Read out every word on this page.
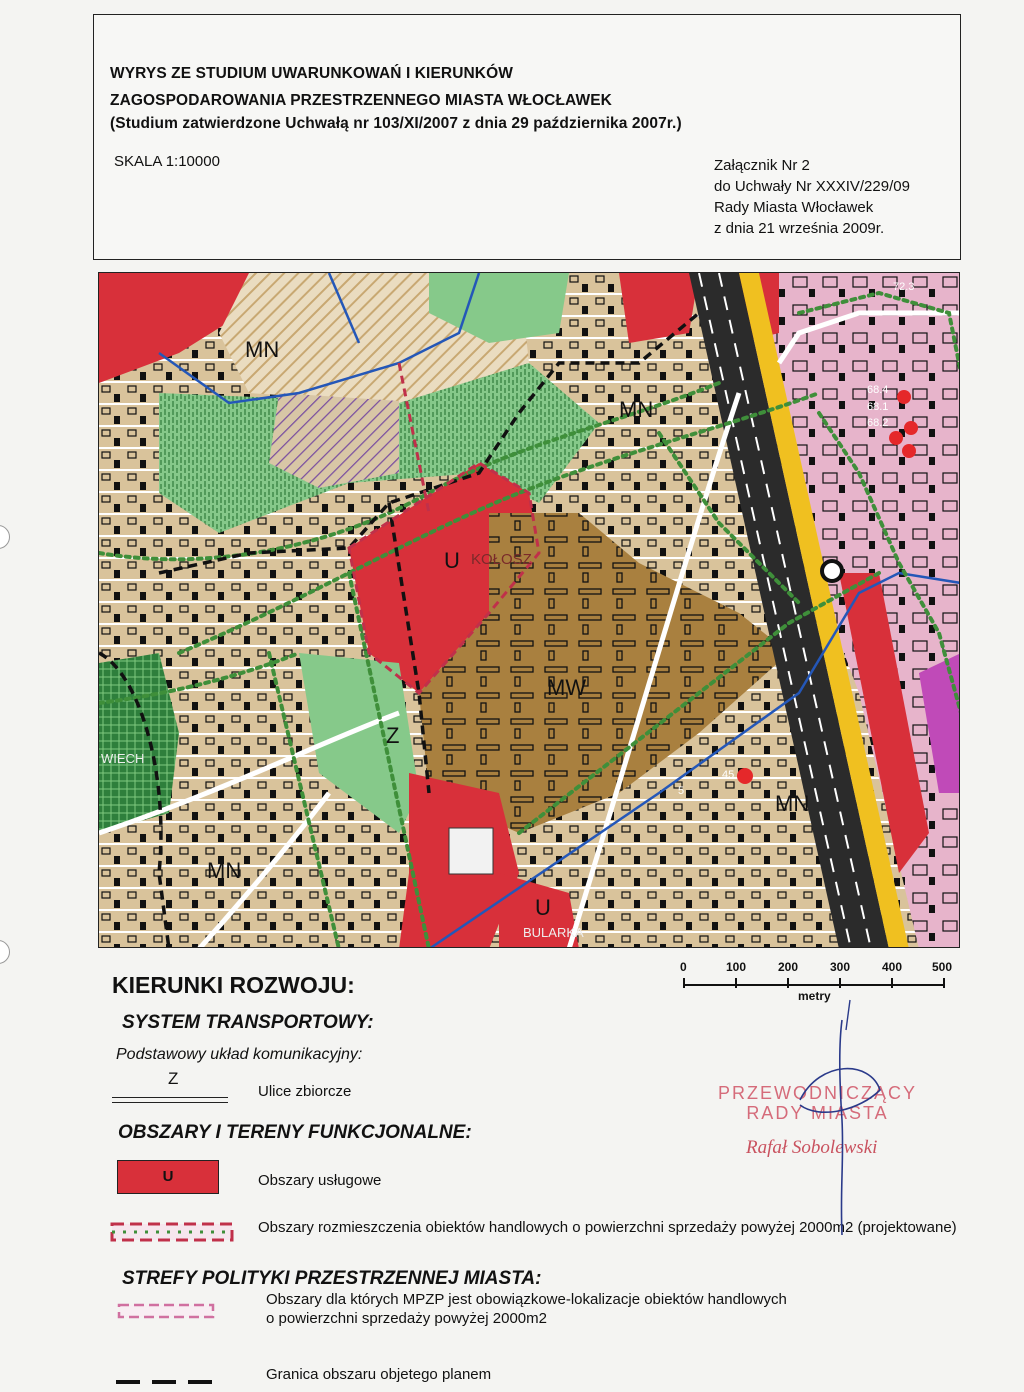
WYRYS ZE STUDIUM UWARUNKOWAŃ I KIERUNKÓW
ZAGOSPODAROWANIA PRZESTRZENNEGO MIASTA WŁOCŁAWEK
(Studium zatwierdzone Uchwałą nr 103/XI/2007 z dnia 29 października 2007r.)
SKALA 1:10000	Załącznik Nr 2
do Uchwały Nr XXXIV/229/09
Rady Miasta Włocławek
z dnia 21 września 2009r.
MN
MN
U KOŁOSZ
MW
Z
MN
MN
U
BULARKA
WIECH
68.4
68.1
68.2
45
5
72.3
0	100	200	300	400 500
metry
KIERUNKI ROZWOJU:
SYSTEM TRANSPORTOWY:
Podstawowy układ komunikacyjny:
Z
Ulice zbiorcze
OBSZARY I TERENY FUNKCJONALNE:
U	Obszary usługowe
Obszary rozmieszczenia obiektów handlowych o powierzchni sprzedaży powyżej 2000m2 (projektowane)
STREFY POLITYKI PRZESTRZENNEJ MIASTA:
Obszary dla których MPZP jest obowiązkowe-lokalizacje obiektów handlowych
o powierzchni sprzedaży powyżej 2000m2
Granica obszaru objetego planem
PRZEWODNICZĄCY
RADY MIASTA
Rafał Sobolewski
